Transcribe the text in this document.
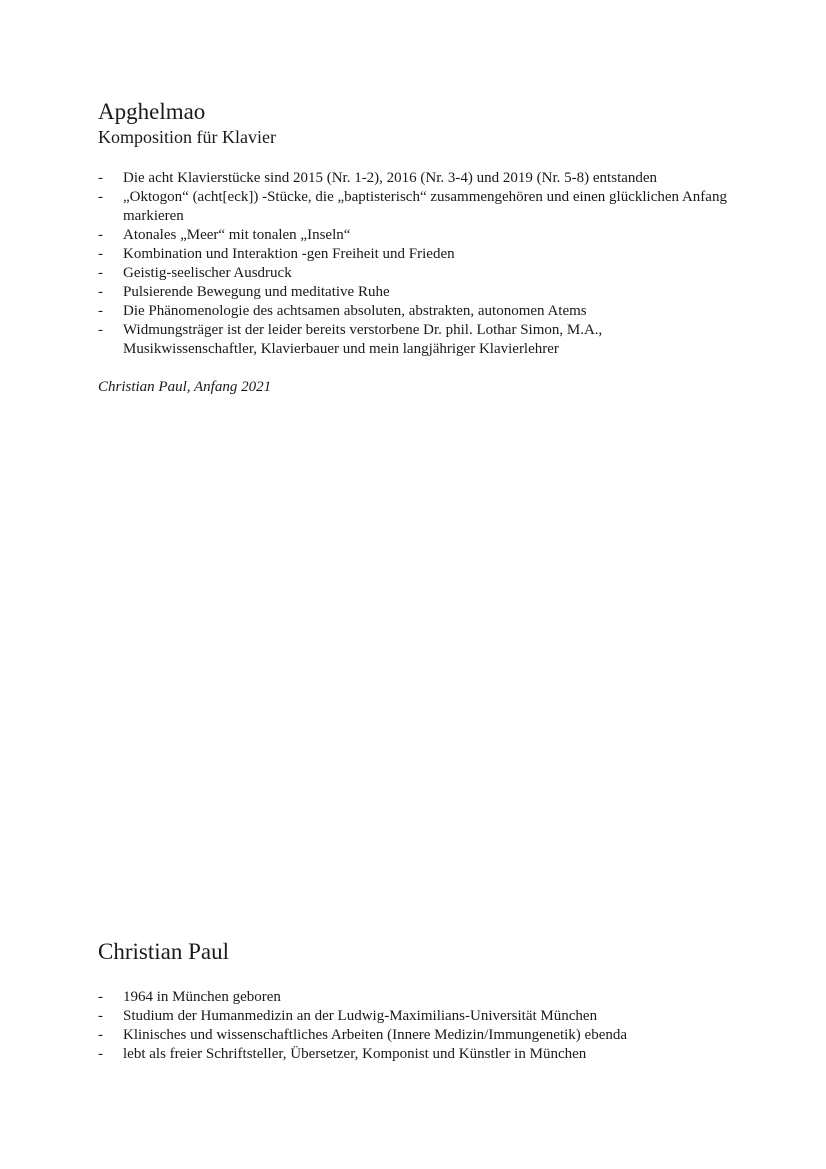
Apghelmao
Komposition für Klavier
- Die acht Klavierstücke sind 2015 (Nr. 1-2), 2016 (Nr. 3-4) und 2019 (Nr. 5-8) entstanden
- „Oktogon“ (acht[eck]) -Stücke, die „baptisterisch“ zusammengehören und einen glücklichen Anfang markieren
- Atonales „Meer“ mit tonalen „Inseln“
- Kombination und Interaktion -gen Freiheit und Frieden
- Geistig-seelischer Ausdruck
- Pulsierende Bewegung und meditative Ruhe
- Die Phänomenologie des achtsamen absoluten, abstrakten, autonomen Atems
- Widmungsträger ist der leider bereits verstorbene Dr. phil. Lothar Simon, M.A., Musikwissenschaftler, Klavierbauer und mein langjähriger Klavierlehrer
Christian Paul, Anfang 2021
Christian Paul
- 1964 in München geboren
- Studium der Humanmedizin an der Ludwig-Maximilians-Universität München
- Klinisches und wissenschaftliches Arbeiten (Innere Medizin/Immungenetik) ebenda
- lebt als freier Schriftsteller, Übersetzer, Komponist und Künstler in München
